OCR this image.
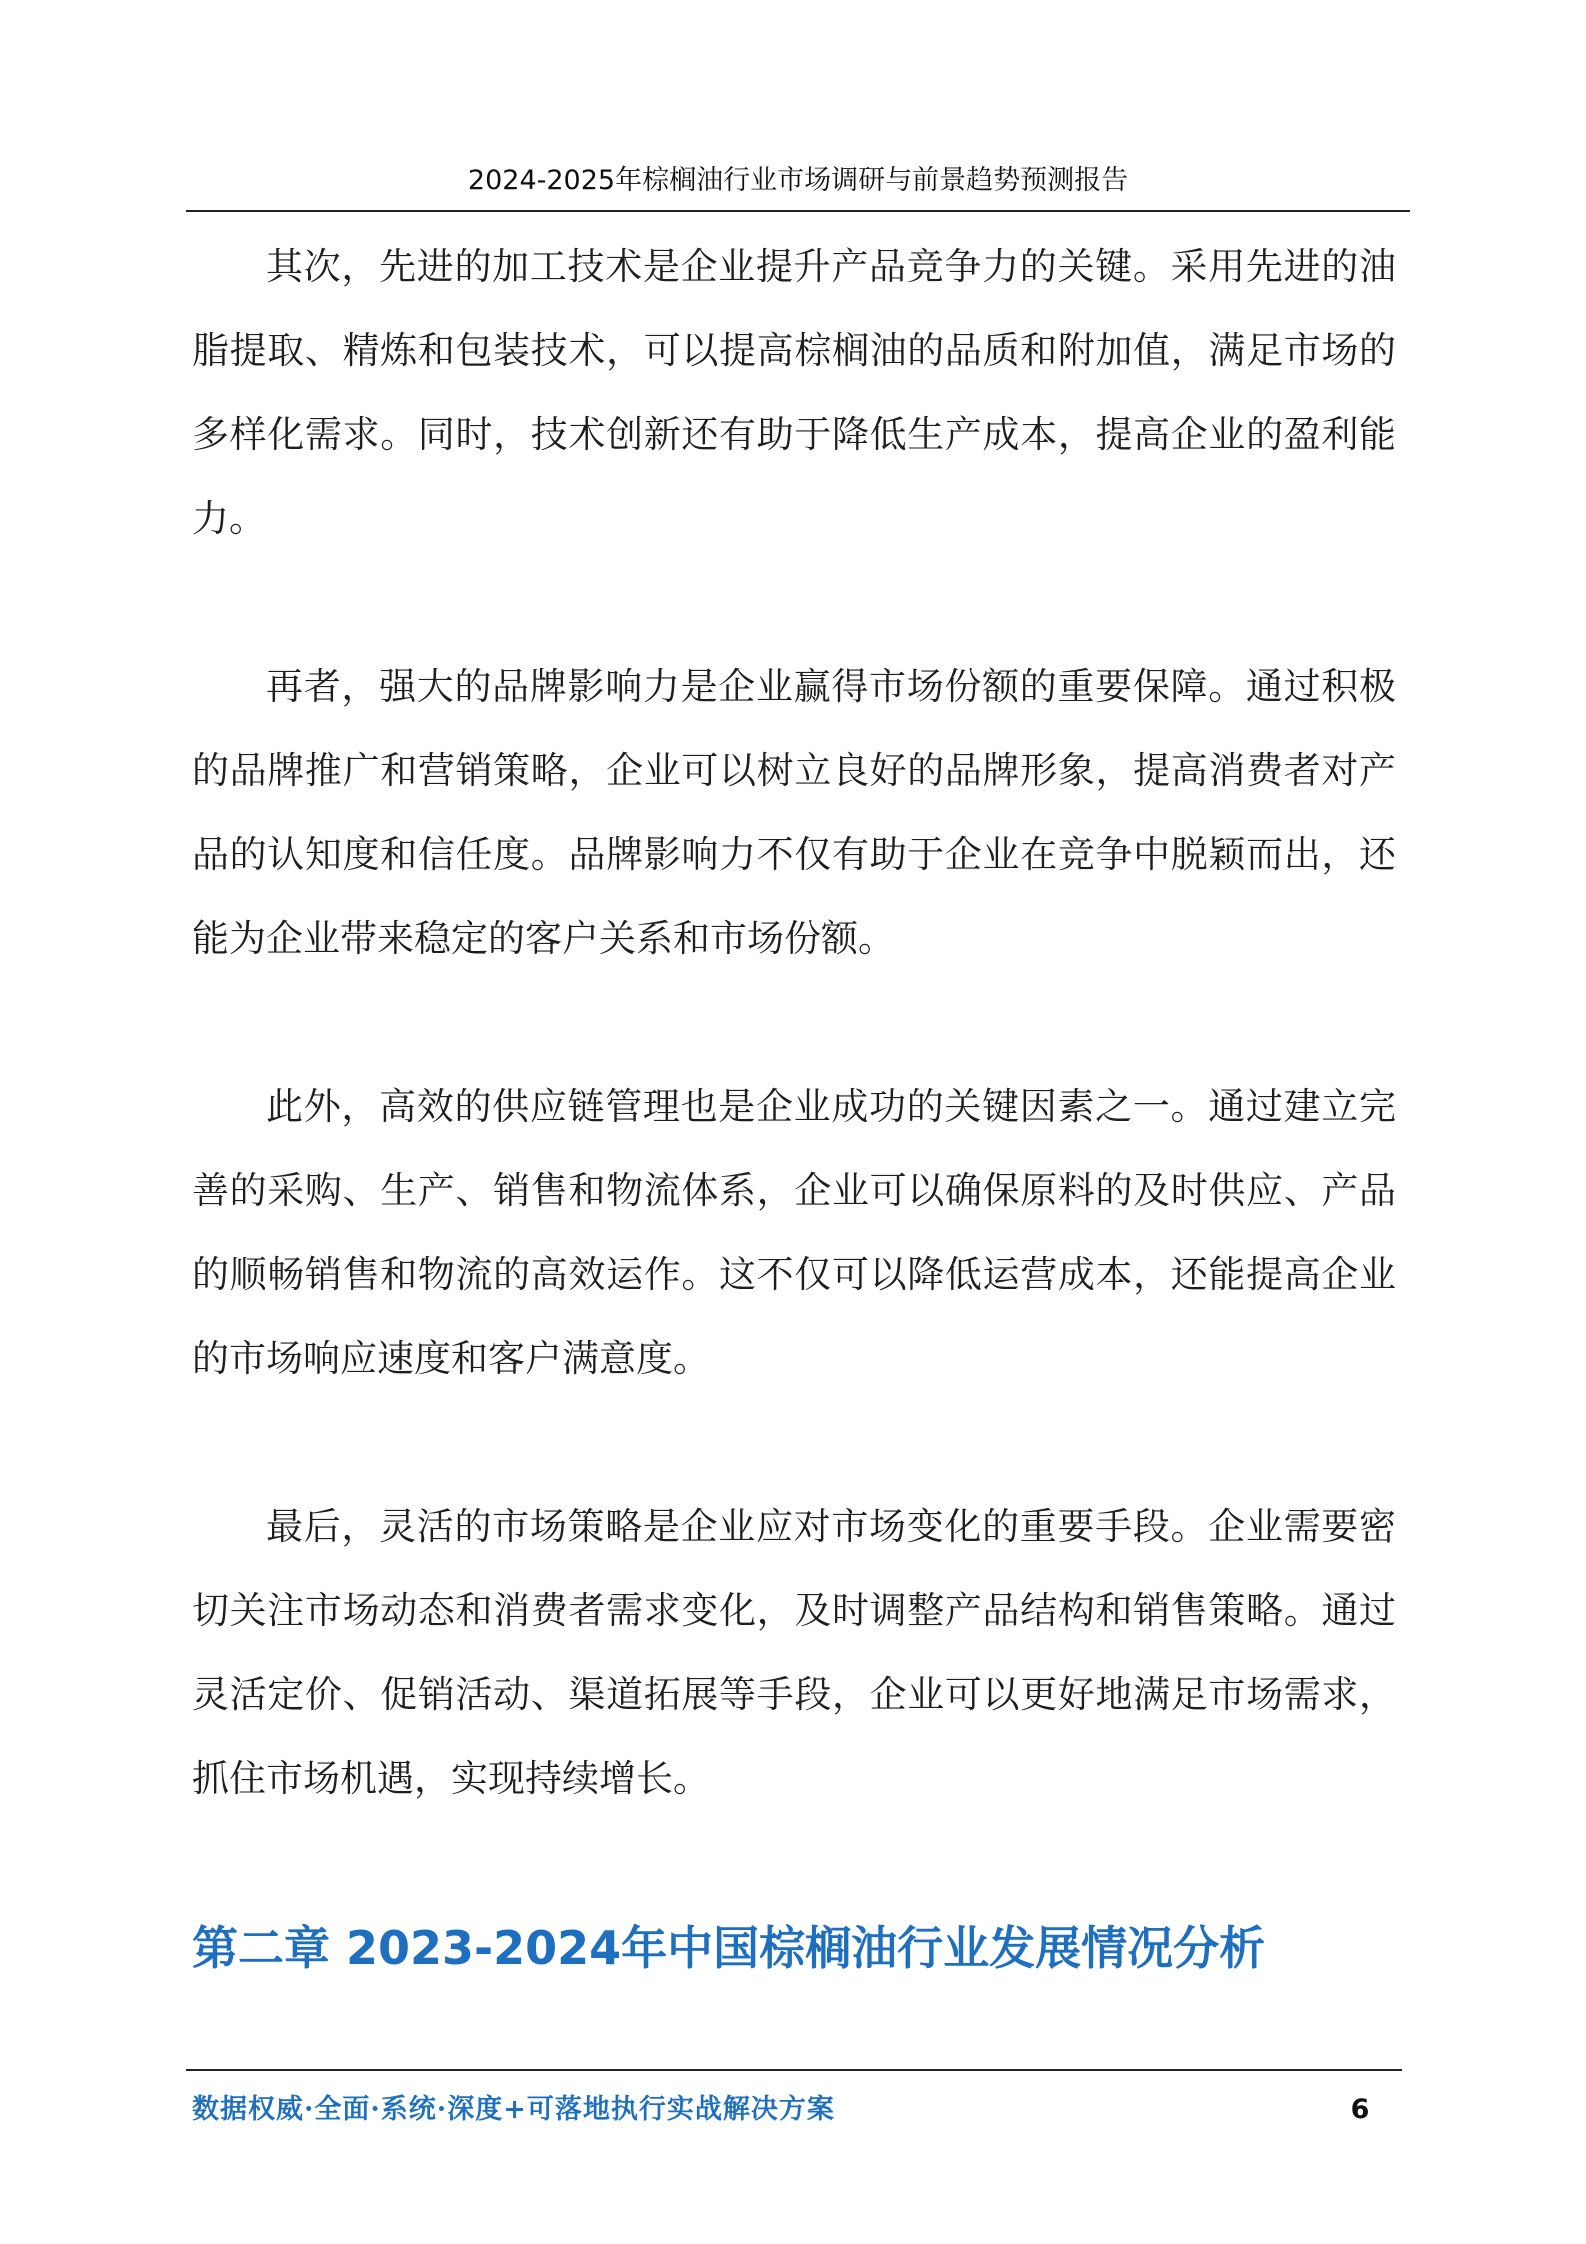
2024-2025年棕榈油行业市场调研与前景趋势预测报告

其次，先进的加工技术是企业提升产品竞争力的关键。采用先进的油脂提取、精炼和包装技术，可以提高棕榈油的品质和附加值，满足市场的多样化需求。同时，技术创新还有助于降低生产成本，提高企业的盈利能力。

再者，强大的品牌影响力是企业赢得市场份额的重要保障。通过积极的品牌推广和营销策略，企业可以树立良好的品牌形象，提高消费者对产品的认知度和信任度。品牌影响力不仅有助于企业在竞争中脱颖而出，还能为企业带来稳定的客户关系和市场份额。

此外，高效的供应链管理也是企业成功的关键因素之一。通过建立完善的采购、生产、销售和物流体系，企业可以确保原料的及时供应、产品的顺畅销售和物流的高效运作。这不仅可以降低运营成本，还能提高企业的市场响应速度和客户满意度。

最后，灵活的市场策略是企业应对市场变化的重要手段。企业需要密切关注市场动态和消费者需求变化，及时调整产品结构和销售策略。通过灵活定价、促销活动、渠道拓展等手段，企业可以更好地满足市场需求，抓住市场机遇，实现持续增长。

第二章 2023-2024年中国棕榈油行业发展情况分析
数据权威·全面·系统·深度+可落地执行实战解决方案	6
